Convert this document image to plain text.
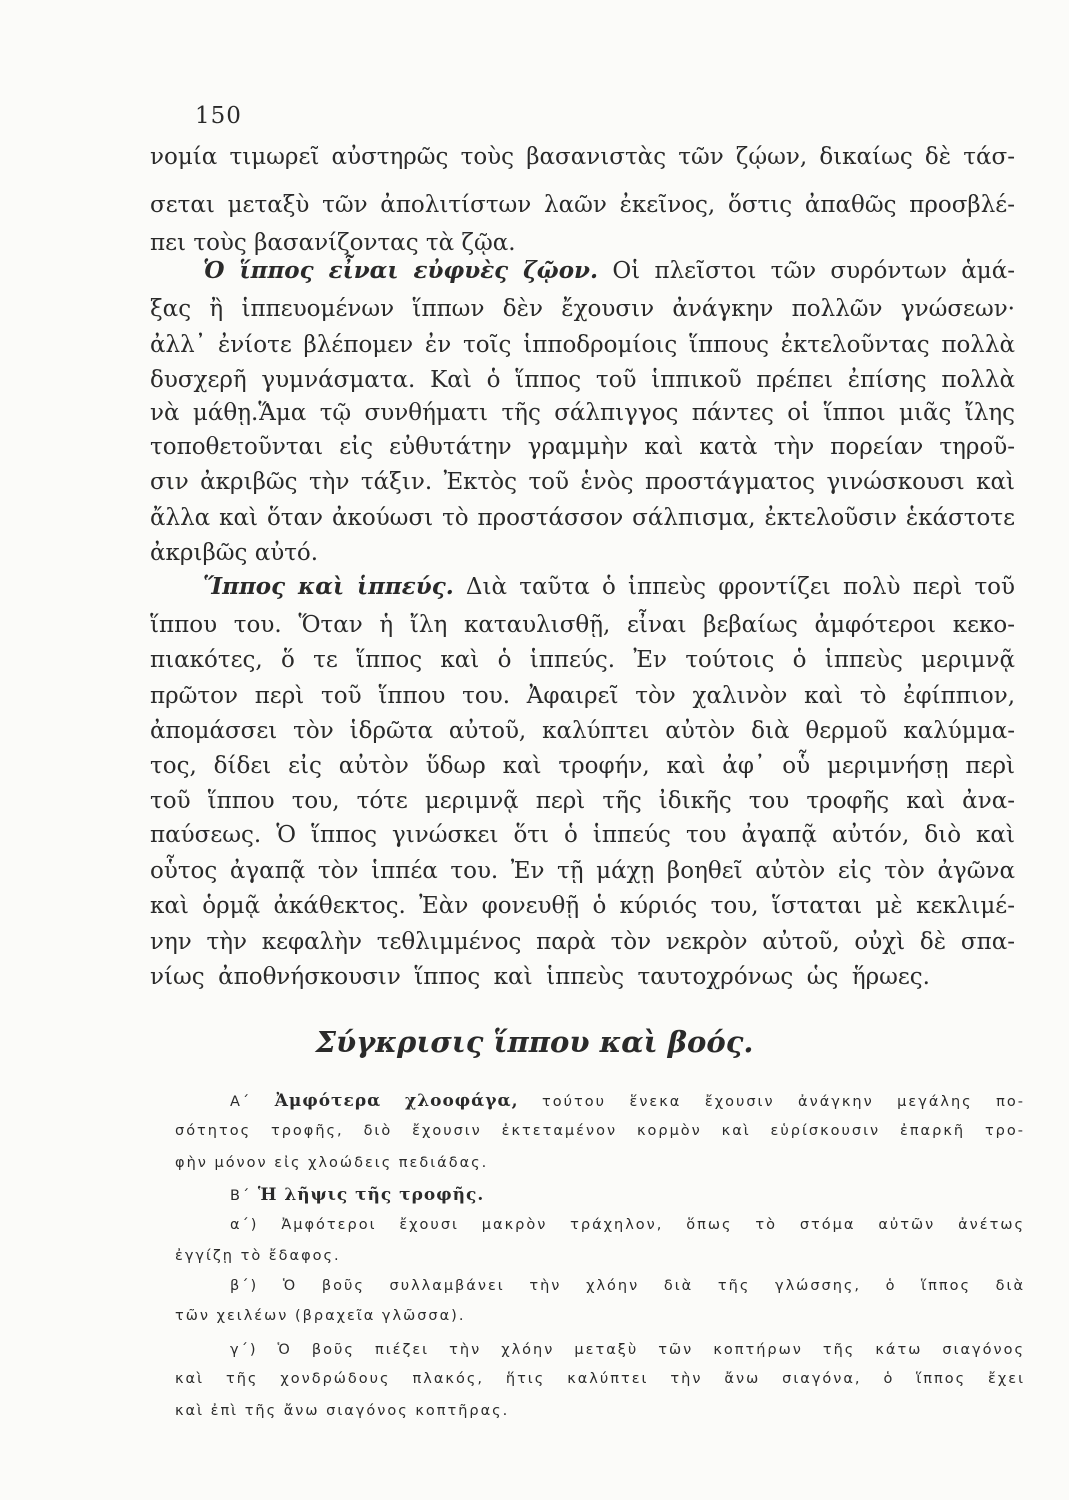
150
νομία τιμωρεῖ αὐστηρῶς τοὺς βασανιστὰς τῶν ζῴων, δικαίως δὲ τάσ-
σεται μεταξὺ τῶν ἀπολιτίστων λαῶν ἐκεῖνος, ὅστις ἀπαθῶς προσβλέ-
πει τοὺς βασανίζοντας τὰ ζῷα.
Ὁ ἵππος εἶναι εὐφυὲς ζῷον. Οἱ πλεῖστοι τῶν συρόντων ἁμά-
ξας ἢ ἱππευομένων ἵππων δὲν ἔχουσιν ἀνάγκην πολλῶν γνώσεων·
ἀλλ᾽ ἐνίοτε βλέπομεν ἐν τοῖς ἱπποδρομίοις ἵππους ἐκτελοῦντας πολλὰ
δυσχερῆ γυμνάσματα. Καὶ ὁ ἵππος τοῦ ἱππικοῦ πρέπει ἐπίσης πολλὰ
νὰ μάθῃ.Ἅμα τῷ συνθήματι τῆς σάλπιγγος πάντες οἱ ἵπποι μιᾶς ἴλης
τοποθετοῦνται εἰς εὐθυτάτην γραμμὴν καὶ κατὰ τὴν πορείαν τηροῦ-
σιν ἀκριβῶς τὴν τάξιν. Ἐκτὸς τοῦ ἑνὸς προστάγματος γινώσκουσι καὶ
ἄλλα καὶ ὅταν ἀκούωσι τὸ προστάσσον σάλπισμα, ἐκτελοῦσιν ἑκάστοτε
ἀκριβῶς αὐτό.
Ἵππος καὶ ἱππεύς. Διὰ ταῦτα ὁ ἱππεὺς φροντίζει πολὺ περὶ τοῦ
ἵππου του. Ὅταν ἡ ἴλη καταυλισθῇ, εἶναι βεβαίως ἀμφότεροι κεκο-
πιακότες, ὅ τε ἵππος καὶ ὁ ἱππεύς. Ἐν τούτοις ὁ ἱππεὺς μεριμνᾷ
πρῶτον περὶ τοῦ ἵππου του. Ἀφαιρεῖ τὸν χαλινὸν καὶ τὸ ἐφίππιον,
ἀπομάσσει τὸν ἱδρῶτα αὐτοῦ, καλύπτει αὐτὸν διὰ θερμοῦ καλύμμα-
τος, δίδει εἰς αὐτὸν ὕδωρ καὶ τροφήν, καὶ ἀφ᾽ οὗ μεριμνήσῃ περὶ
τοῦ ἵππου του, τότε μεριμνᾷ περὶ τῆς ἰδικῆς του τροφῆς καὶ ἀνα-
παύσεως. Ὁ ἵππος γινώσκει ὅτι ὁ ἱππεύς του ἀγαπᾷ αὐτόν, διὸ καὶ
οὗτος ἀγαπᾷ τὸν ἱππέα του. Ἐν τῇ μάχῃ βοηθεῖ αὐτὸν εἰς τὸν ἀγῶνα
καὶ ὁρμᾷ ἀκάθεκτος. Ἐὰν φονευθῇ ὁ κύριός του, ἵσταται μὲ κεκλιμέ-
νην τὴν κεφαλὴν τεθλιμμένος παρὰ τὸν νεκρὸν αὐτοῦ, οὐχὶ δὲ σπα-
νίως ἀποθνήσκουσιν ἵππος καὶ ἱππεὺς ταυτοχρόνως ὡς ἥρωες.
Σύγκρισις ἵππου καὶ βοός.
Α΄ Ἀμφότερα χλοοφάγα, τούτου ἕνεκα ἔχουσιν ἀνάγκην μεγάλης πο-
σότητος τροφῆς, διὸ ἔχουσιν ἐκτεταμένον κορμὸν καὶ εὑρίσκουσιν ἐπαρκῆ τρο-
φὴν μόνον εἰς χλοώδεις πεδιάδας.
Β΄ Ἡ λῆψις τῆς τροφῆς.
α΄) Ἀμφότεροι ἔχουσι μακρὸν τράχηλον, ὅπως τὸ στόμα αὐτῶν ἀνέτως
ἐγγίζῃ τὸ ἔδαφος.
β΄) Ὁ βοῦς συλλαμβάνει τὴν χλόην διὰ τῆς γλώσσης, ὁ ἵππος διὰ
τῶν χειλέων (βραχεῖα γλῶσσα).
γ΄) Ὁ βοῦς πιέζει τὴν χλόην μεταξὺ τῶν κοπτήρων τῆς κάτω σιαγόνος
καὶ τῆς χονδρώδους πλακός, ἥτις καλύπτει τὴν ἄνω σιαγόνα, ὁ ἵππος ἔχει
καὶ ἐπὶ τῆς ἄνω σιαγόνος κοπτῆρας.
